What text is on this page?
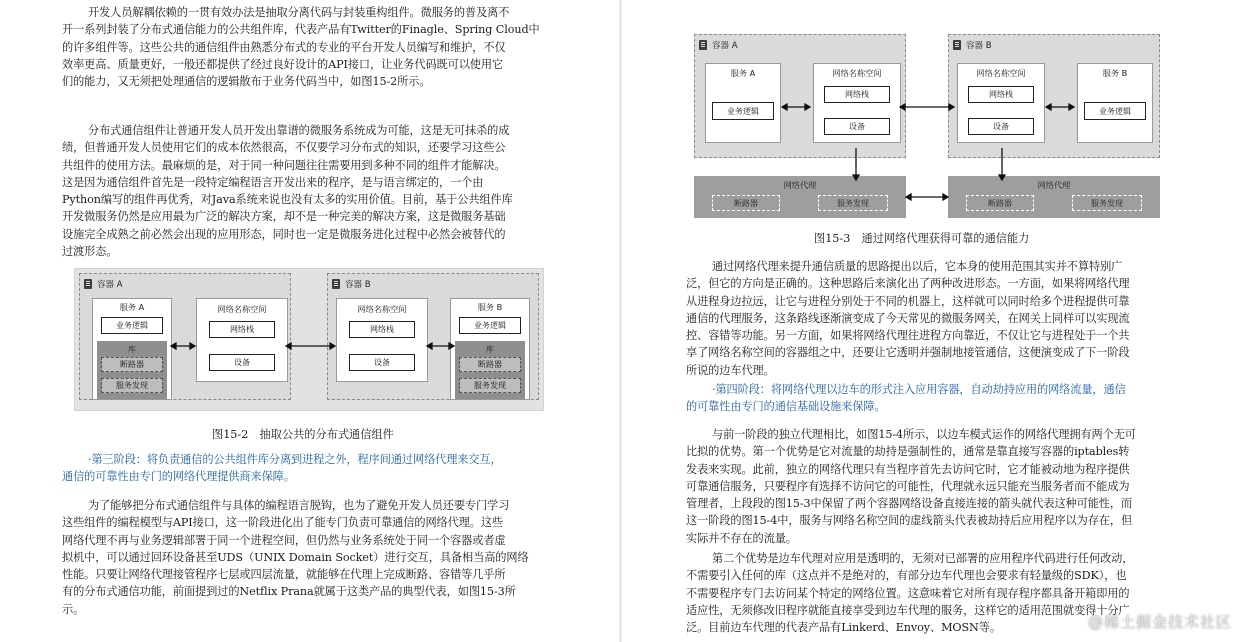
开发人员解耦依赖的一贯有效办法是抽取分离代码与封装重构组件。微服务的普及离不
开一系列封装了分布式通信能力的公共组件库，代表产品有Twitter的Finagle、Spring Cloud中
的许多组件等。这些公共的通信组件由熟悉分布式的专业的平台开发人员编写和维护，不仅
效率更高、质量更好，一般还都提供了经过良好设计的API接口，让业务代码既可以使用它
们的能力，又无须把处理通信的逻辑散布于业务代码当中，如图15-2所示。
分布式通信组件让普通开发人员开发出靠谱的微服务系统成为可能，这是无可抹杀的成
绩，但普通开发人员使用它们的成本依然很高，不仅要学习分布式的知识，还要学习这些公
共组件的使用方法。最麻烦的是，对于同一种问题往往需要用到多种不同的组件才能解决。
这是因为通信组件首先是一段特定编程语言开发出来的程序，是与语言绑定的，一个由
Python编写的组件再优秀，对Java系统来说也没有太多的实用价值。目前，基于公共组件库
开发微服务仍然是应用最为广泛的解决方案，却不是一种完美的解决方案，这是微服务基础
设施完全成熟之前必然会出现的应用形态，同时也一定是微服务进化过程中必然会被替代的
过渡形态。
容器 A
服务 A
业务逻辑
库
断路器
服务发现
网络名称空间
网络栈
设备
容器 B
网络名称空间
网络栈
设备
服务 B
业务逻辑
库
断路器
服务发现
图15-2　抽取公共的分布式通信组件
·第三阶段：将负责通信的公共组件库分离到进程之外，程序间通过网络代理来交互，
通信的可靠性由专门的网络代理提供商来保障。
为了能够把分布式通信组件与具体的编程语言脱钩，也为了避免开发人员还要专门学习
这些组件的编程模型与API接口，这一阶段进化出了能专门负责可靠通信的网络代理。这些
网络代理不再与业务逻辑部署于同一个进程空间，但仍然与业务系统处于同一个容器或者虚
拟机中，可以通过回环设备甚至UDS（UNIX Domain Socket）进行交互，具备相当高的网络
性能。只要让网络代理接管程序七层或四层流量，就能够在代理上完成断路、容错等几乎所
有的分布式通信功能，前面提到过的Netflix Prana就属于这类产品的典型代表，如图15-3所
示。
容器 A
服务 A
业务逻辑
网络名称空间
网络栈
设备
容器 B
网络名称空间
网络栈
设备
服务 B
业务逻辑
网络代理
断路器	服务发现
网络代理
断路器	服务发现
图15-3　通过网络代理获得可靠的通信能力
通过网络代理来提升通信质量的思路提出以后，它本身的使用范围其实并不算特别广
泛，但它的方向是正确的。这种思路后来演化出了两种改进形态。一方面，如果将网络代理
从进程身边拉远，让它与进程分别处于不同的机器上，这样就可以同时给多个进程提供可靠
通信的代理服务，这条路线逐渐演变成了今天常见的微服务网关，在网关上同样可以实现流
控、容错等功能。另一方面，如果将网络代理往进程方向靠近，不仅让它与进程处于一个共
享了网络名称空间的容器组之中，还要让它透明并强制地接管通信，这便演变成了下一阶段
所说的边车代理。
·第四阶段：将网络代理以边车的形式注入应用容器，自动劫持应用的网络流量，通信
的可靠性由专门的通信基础设施来保障。
与前一阶段的独立代理相比，如图15-4所示，以边车模式运作的网络代理拥有两个无可
比拟的优势。第一个优势是它对流量的劫持是强制性的，通常是靠直接写容器的iptables转
发表来实现。此前，独立的网络代理只有当程序首先去访问它时，它才能被动地为程序提供
可靠通信服务，只要程序有选择不访问它的可能性，代理就永远只能充当服务者而不能成为
管理者，上段段的图15-3中保留了两个容器网络设备直接连接的箭头就代表这种可能性，而
这一阶段的图15-4中，服务与网络名称空间的虚线箭头代表被劫持后应用程序以为存在，但
实际并不存在的流量。
第二个优势是边车代理对应用是透明的，无须对已部署的应用程序代码进行任何改动，
不需要引入任何的库（这点并不是绝对的，有部分边车代理也会要求有轻量级的SDK），也
不需要程序专门去访问某个特定的网络位置。这意味着它对所有现存程序都具备开箱即用的
适应性，无须修改旧程序就能直接享受到边车代理的服务，这样它的适用范围就变得十分广
泛。目前边车代理的代表产品有Linkerd、Envoy、MOSN等。	@稀土掘金技术社区
